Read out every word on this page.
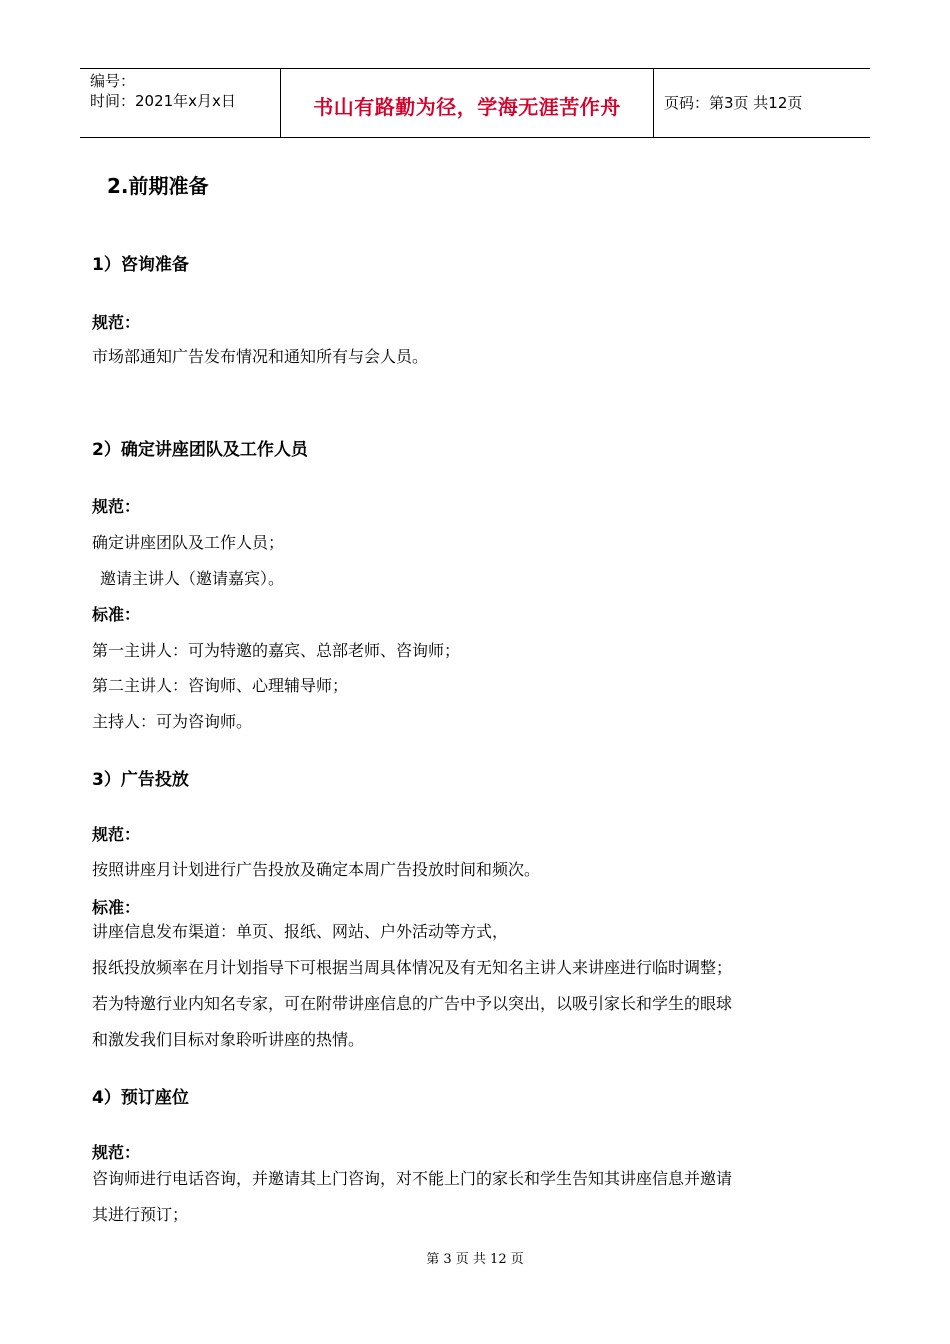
编号：
时间：2021年x月x日	书山有路勤为径，学海无涯苦作舟	页码：第3页 共12页
2.前期准备
1）咨询准备
规范：
市场部通知广告发布情况和通知所有与会人员。
2）确定讲座团队及工作人员
规范：
确定讲座团队及工作人员；
邀请主讲人（邀请嘉宾）。
标准：
第一主讲人：可为特邀的嘉宾、总部老师、咨询师；
第二主讲人：咨询师、心理辅导师；
主持人：可为咨询师。
3）广告投放
规范：
按照讲座月计划进行广告投放及确定本周广告投放时间和频次。
标准：
讲座信息发布渠道：单页、报纸、网站、户外活动等方式，
报纸投放频率在月计划指导下可根据当周具体情况及有无知名主讲人来讲座进行临时调整；
若为特邀行业内知名专家，可在附带讲座信息的广告中予以突出，以吸引家长和学生的眼球
和激发我们目标对象聆听讲座的热情。
4）预订座位
规范：
咨询师进行电话咨询，并邀请其上门咨询，对不能上门的家长和学生告知其讲座信息并邀请
其进行预订；
第 3 页 共 12 页
